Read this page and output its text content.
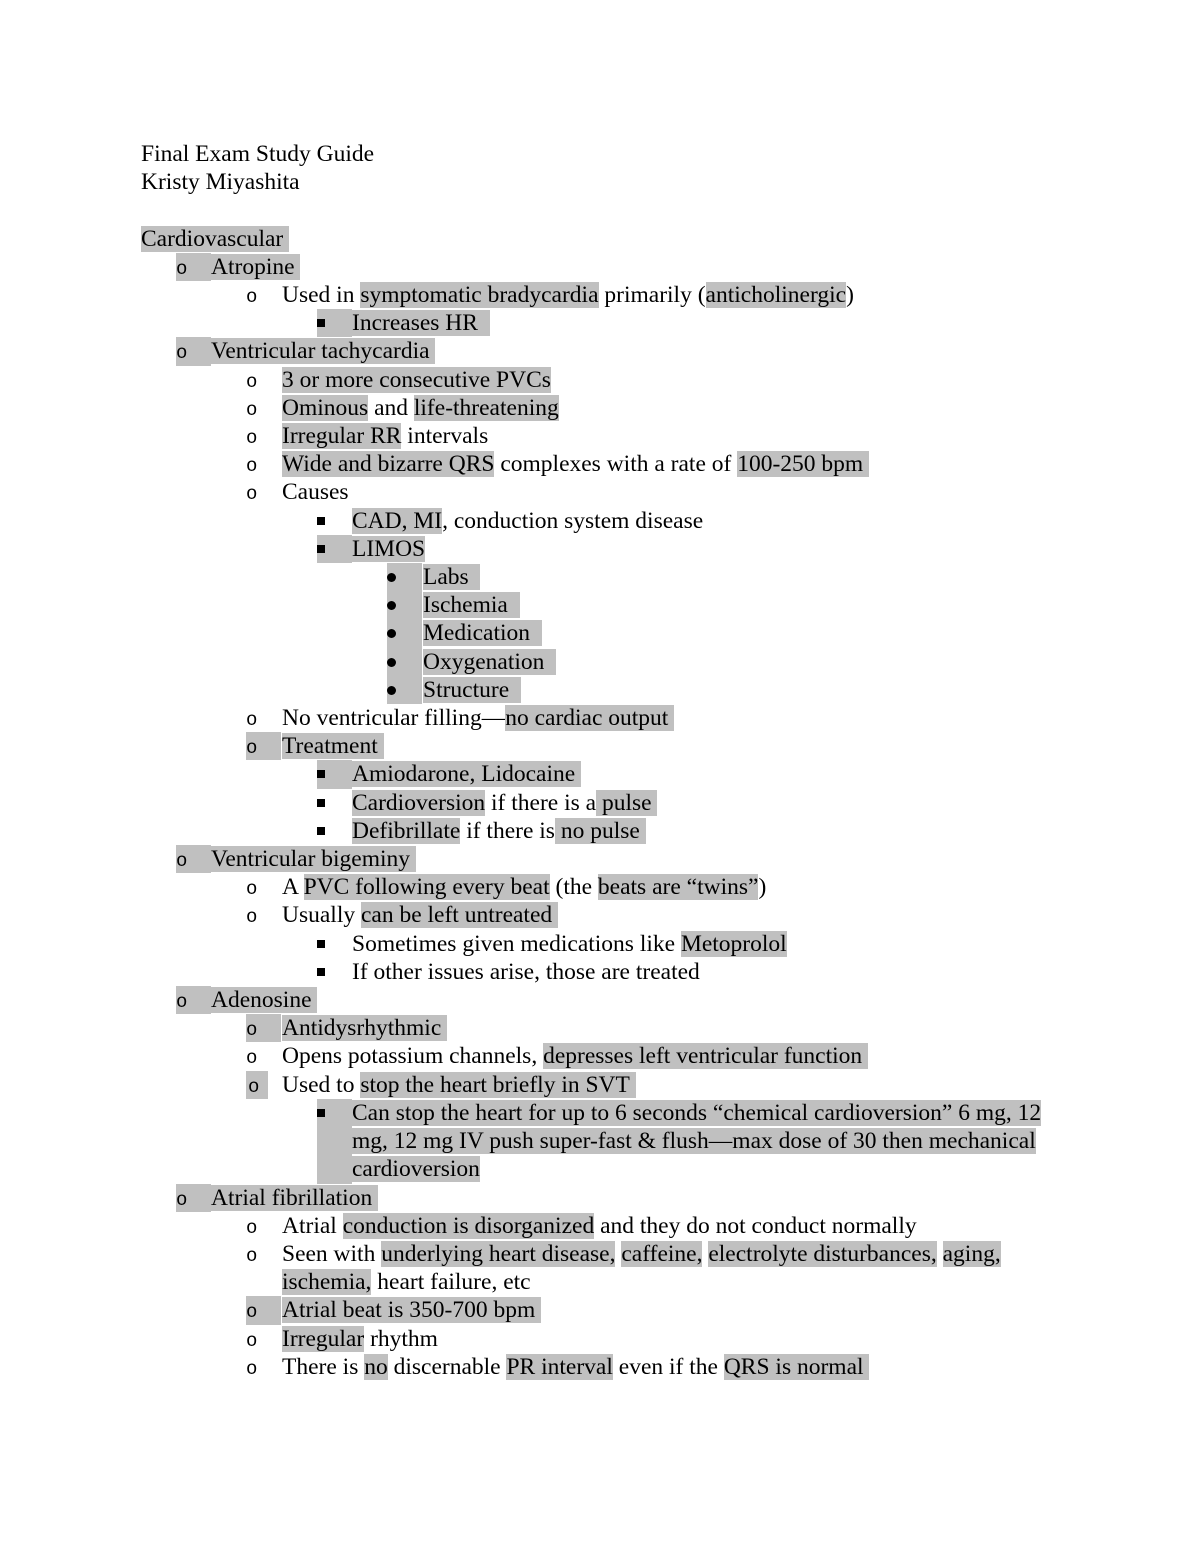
Final Exam Study Guide
Kristy Miyashita
Cardiovascular
o	Atropine
o	Used in symptomatic bradycardia primarily (anticholinergic)
Increases HR
o	Ventricular tachycardia
o	3 or more consecutive PVCs
o	Ominous and life-threatening
o	Irregular RR intervals
o	Wide and bizarre QRS complexes with a rate of 100-250 bpm
o	Causes
CAD, MI, conduction system disease
LIMOS
Labs
Ischemia
Medication
Oxygenation
Structure
o	No ventricular filling—no cardiac output
o	Treatment
Amiodarone, Lidocaine
Cardioversion if there is a pulse
Defibrillate if there is no pulse
o	Ventricular bigeminy
o	A PVC following every beat (the beats are “twins”)
o	Usually can be left untreated
Sometimes given medications like Metoprolol
If other issues arise, those are treated
o	Adenosine
o	Antidysrhythmic
o	Opens potassium channels, depresses left ventricular function
o Used to stop the heart briefly in SVT
Can stop the heart for up to 6 seconds “chemical cardioversion” 6 mg, 12 mg, 12 mg IV push super-fast & flush—max dose of 30 then mechanical cardioversion
o	Atrial fibrillation
o	Atrial conduction is disorganized and they do not conduct normally
o	Seen with underlying heart disease, caffeine, electrolyte disturbances, aging, ischemia, heart failure, etc
o	Atrial beat is 350-700 bpm
o	Irregular rhythm
o	There is no discernable PR interval even if the QRS is normal
